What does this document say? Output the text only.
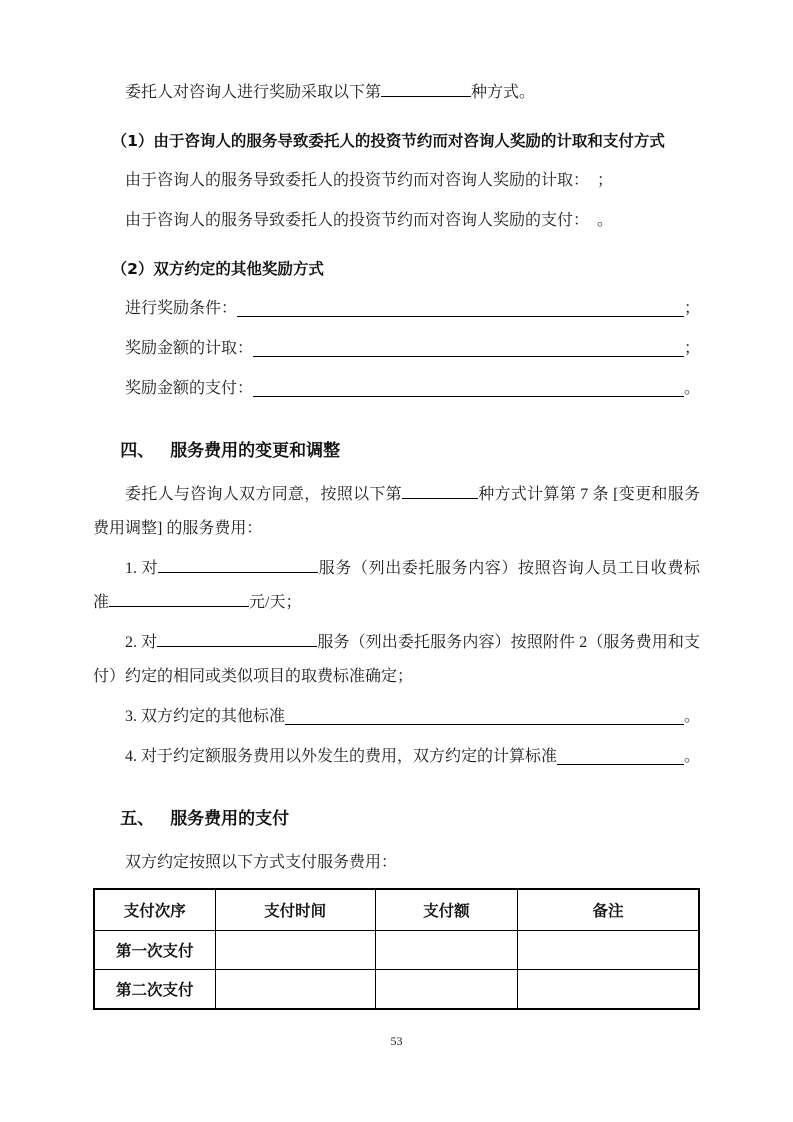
委托人对咨询人进行奖励采取以下第	种方式。

（1）由于咨询人的服务导致委托人的投资节约而对咨询人奖励的计取和支付方式

由于咨询人的服务导致委托人的投资节约而对咨询人奖励的计取：　；

由于咨询人的服务导致委托人的投资节约而对咨询人奖励的支付：　。

（2）双方约定的其他奖励方式

进行奖励条件：	；

奖励金额的计取：	；

奖励金额的支付：	。

四、 服务费用的变更和调整

委托人与咨询人双方同意，按照以下第	种方式计算第 7 条 [变更和服务费用调整] 的服务费用：

1. 对	服务（列出委托服务内容）按照咨询人员工日收费标准	元/天；

2. 对	服务（列出委托服务内容）按照附件 2（服务费用和支付）约定的相同或类似项目的取费标准确定；

3. 双方约定的其他标准	。

4. 对于约定额服务费用以外发生的费用，双方约定的计算标准	。

五、 服务费用的支付

双方约定按照以下方式支付服务费用：

支付次序	支付时间	支付额	备注
第一次支付			
第二次支付			
53
